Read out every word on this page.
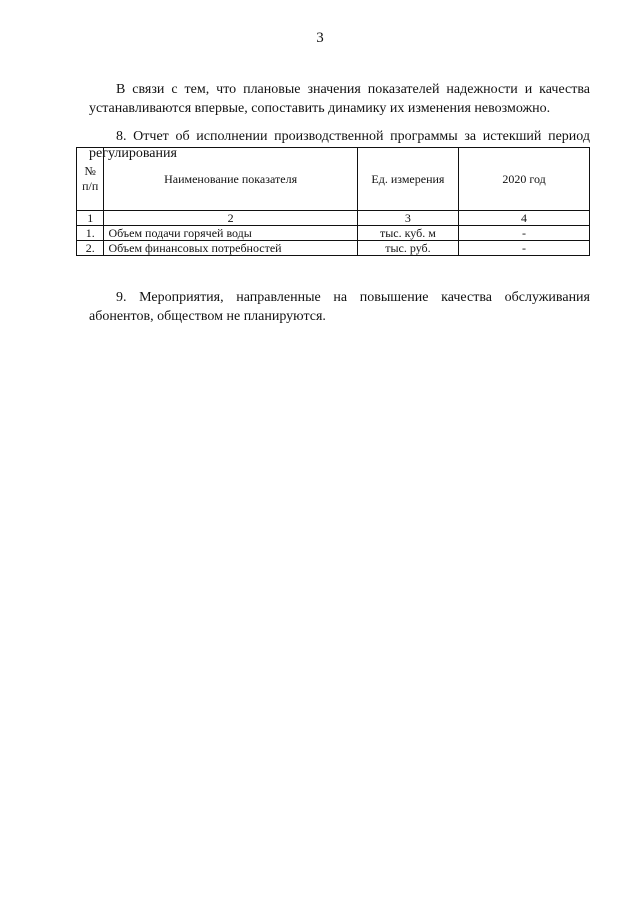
3

В связи с тем, что плановые значения показателей надежности и качества устанавливаются впервые, сопоставить динамику их изменения невозможно.

8. Отчет об исполнении производственной программы за истекший период регулирования

№ п/п	Наименование показателя	Ед. измерения	2020 год
1	2	3	4
1.	Объем подачи горячей воды	тыс. куб. м	-
2.	Объем финансовых потребностей	тыс. руб.	-

9. Мероприятия, направленные на повышение качества обслуживания абонентов, обществом не планируются.
